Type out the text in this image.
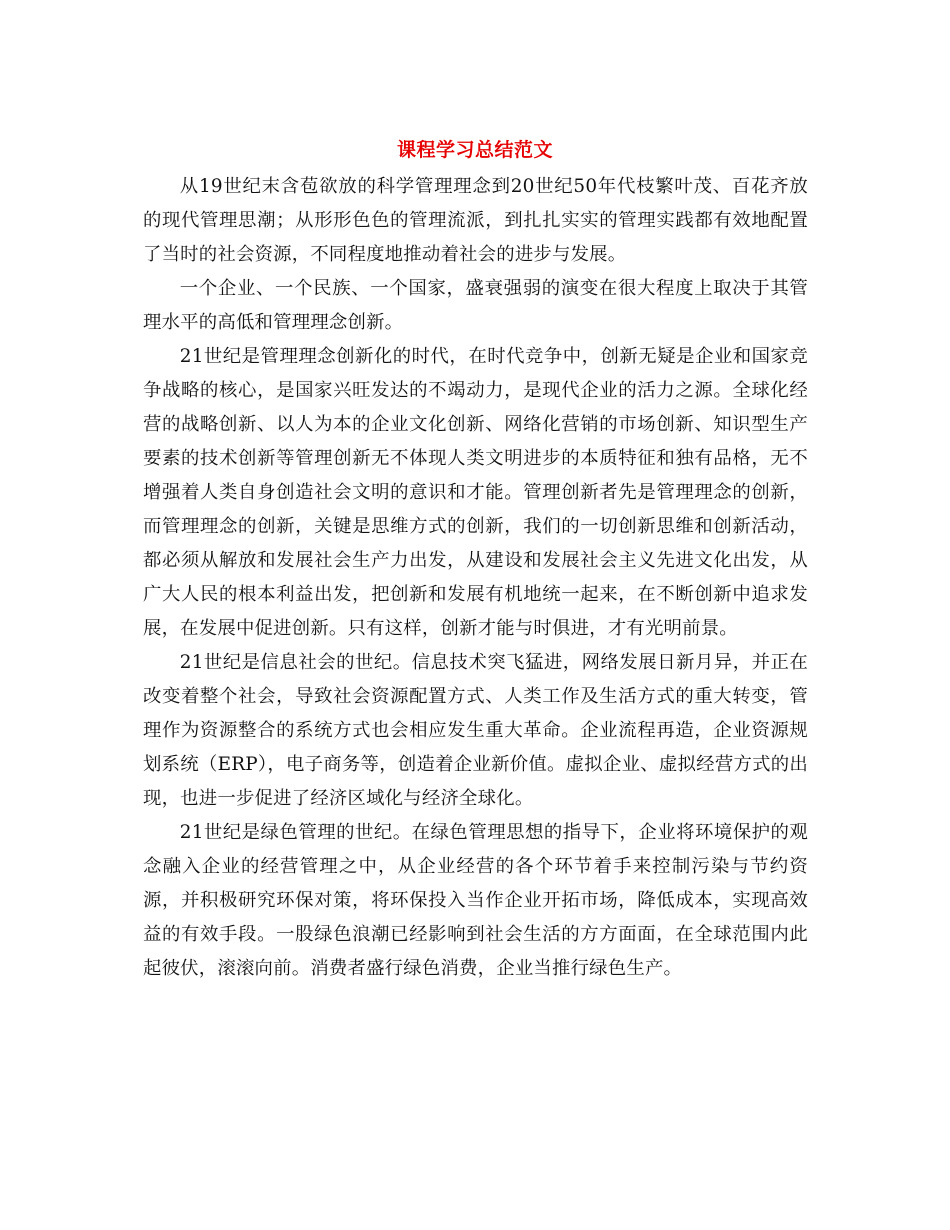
课程学习总结范文

从19世纪末含苞欲放的科学管理理念到20世纪50年代枝繁叶茂、百花齐放的现代管理思潮；从形形色色的管理流派，到扎扎实实的管理实践都有效地配置了当时的社会资源，不同程度地推动着社会的进步与发展。

一个企业、一个民族、一个国家，盛衰强弱的演变在很大程度上取决于其管理水平的高低和管理理念创新。

21世纪是管理理念创新化的时代，在时代竞争中，创新无疑是企业和国家竞争战略的核心，是国家兴旺发达的不竭动力，是现代企业的活力之源。全球化经营的战略创新、以人为本的企业文化创新、网络化营销的市场创新、知识型生产要素的技术创新等管理创新无不体现人类文明进步的本质特征和独有品格，无不增强着人类自身创造社会文明的意识和才能。管理创新者先是管理理念的创新，而管理理念的创新，关键是思维方式的创新，我们的一切创新思维和创新活动，都必须从解放和发展社会生产力出发，从建设和发展社会主义先进文化出发，从广大人民的根本利益出发，把创新和发展有机地统一起来，在不断创新中追求发展，在发展中促进创新。只有这样，创新才能与时俱进，才有光明前景。

21世纪是信息社会的世纪。信息技术突飞猛进，网络发展日新月异，并正在改变着整个社会，导致社会资源配置方式、人类工作及生活方式的重大转变，管理作为资源整合的系统方式也会相应发生重大革命。企业流程再造，企业资源规划系统（ERP），电子商务等，创造着企业新价值。虚拟企业、虚拟经营方式的出现，也进一步促进了经济区域化与经济全球化。

21世纪是绿色管理的世纪。在绿色管理思想的指导下，企业将环境保护的观念融入企业的经营管理之中，从企业经营的各个环节着手来控制污染与节约资源，并积极研究环保对策，将环保投入当作企业开拓市场，降低成本，实现高效益的有效手段。一股绿色浪潮已经影响到社会生活的方方面面，在全球范围内此起彼伏，滚滚向前。消费者盛行绿色消费，企业当推行绿色生产。
